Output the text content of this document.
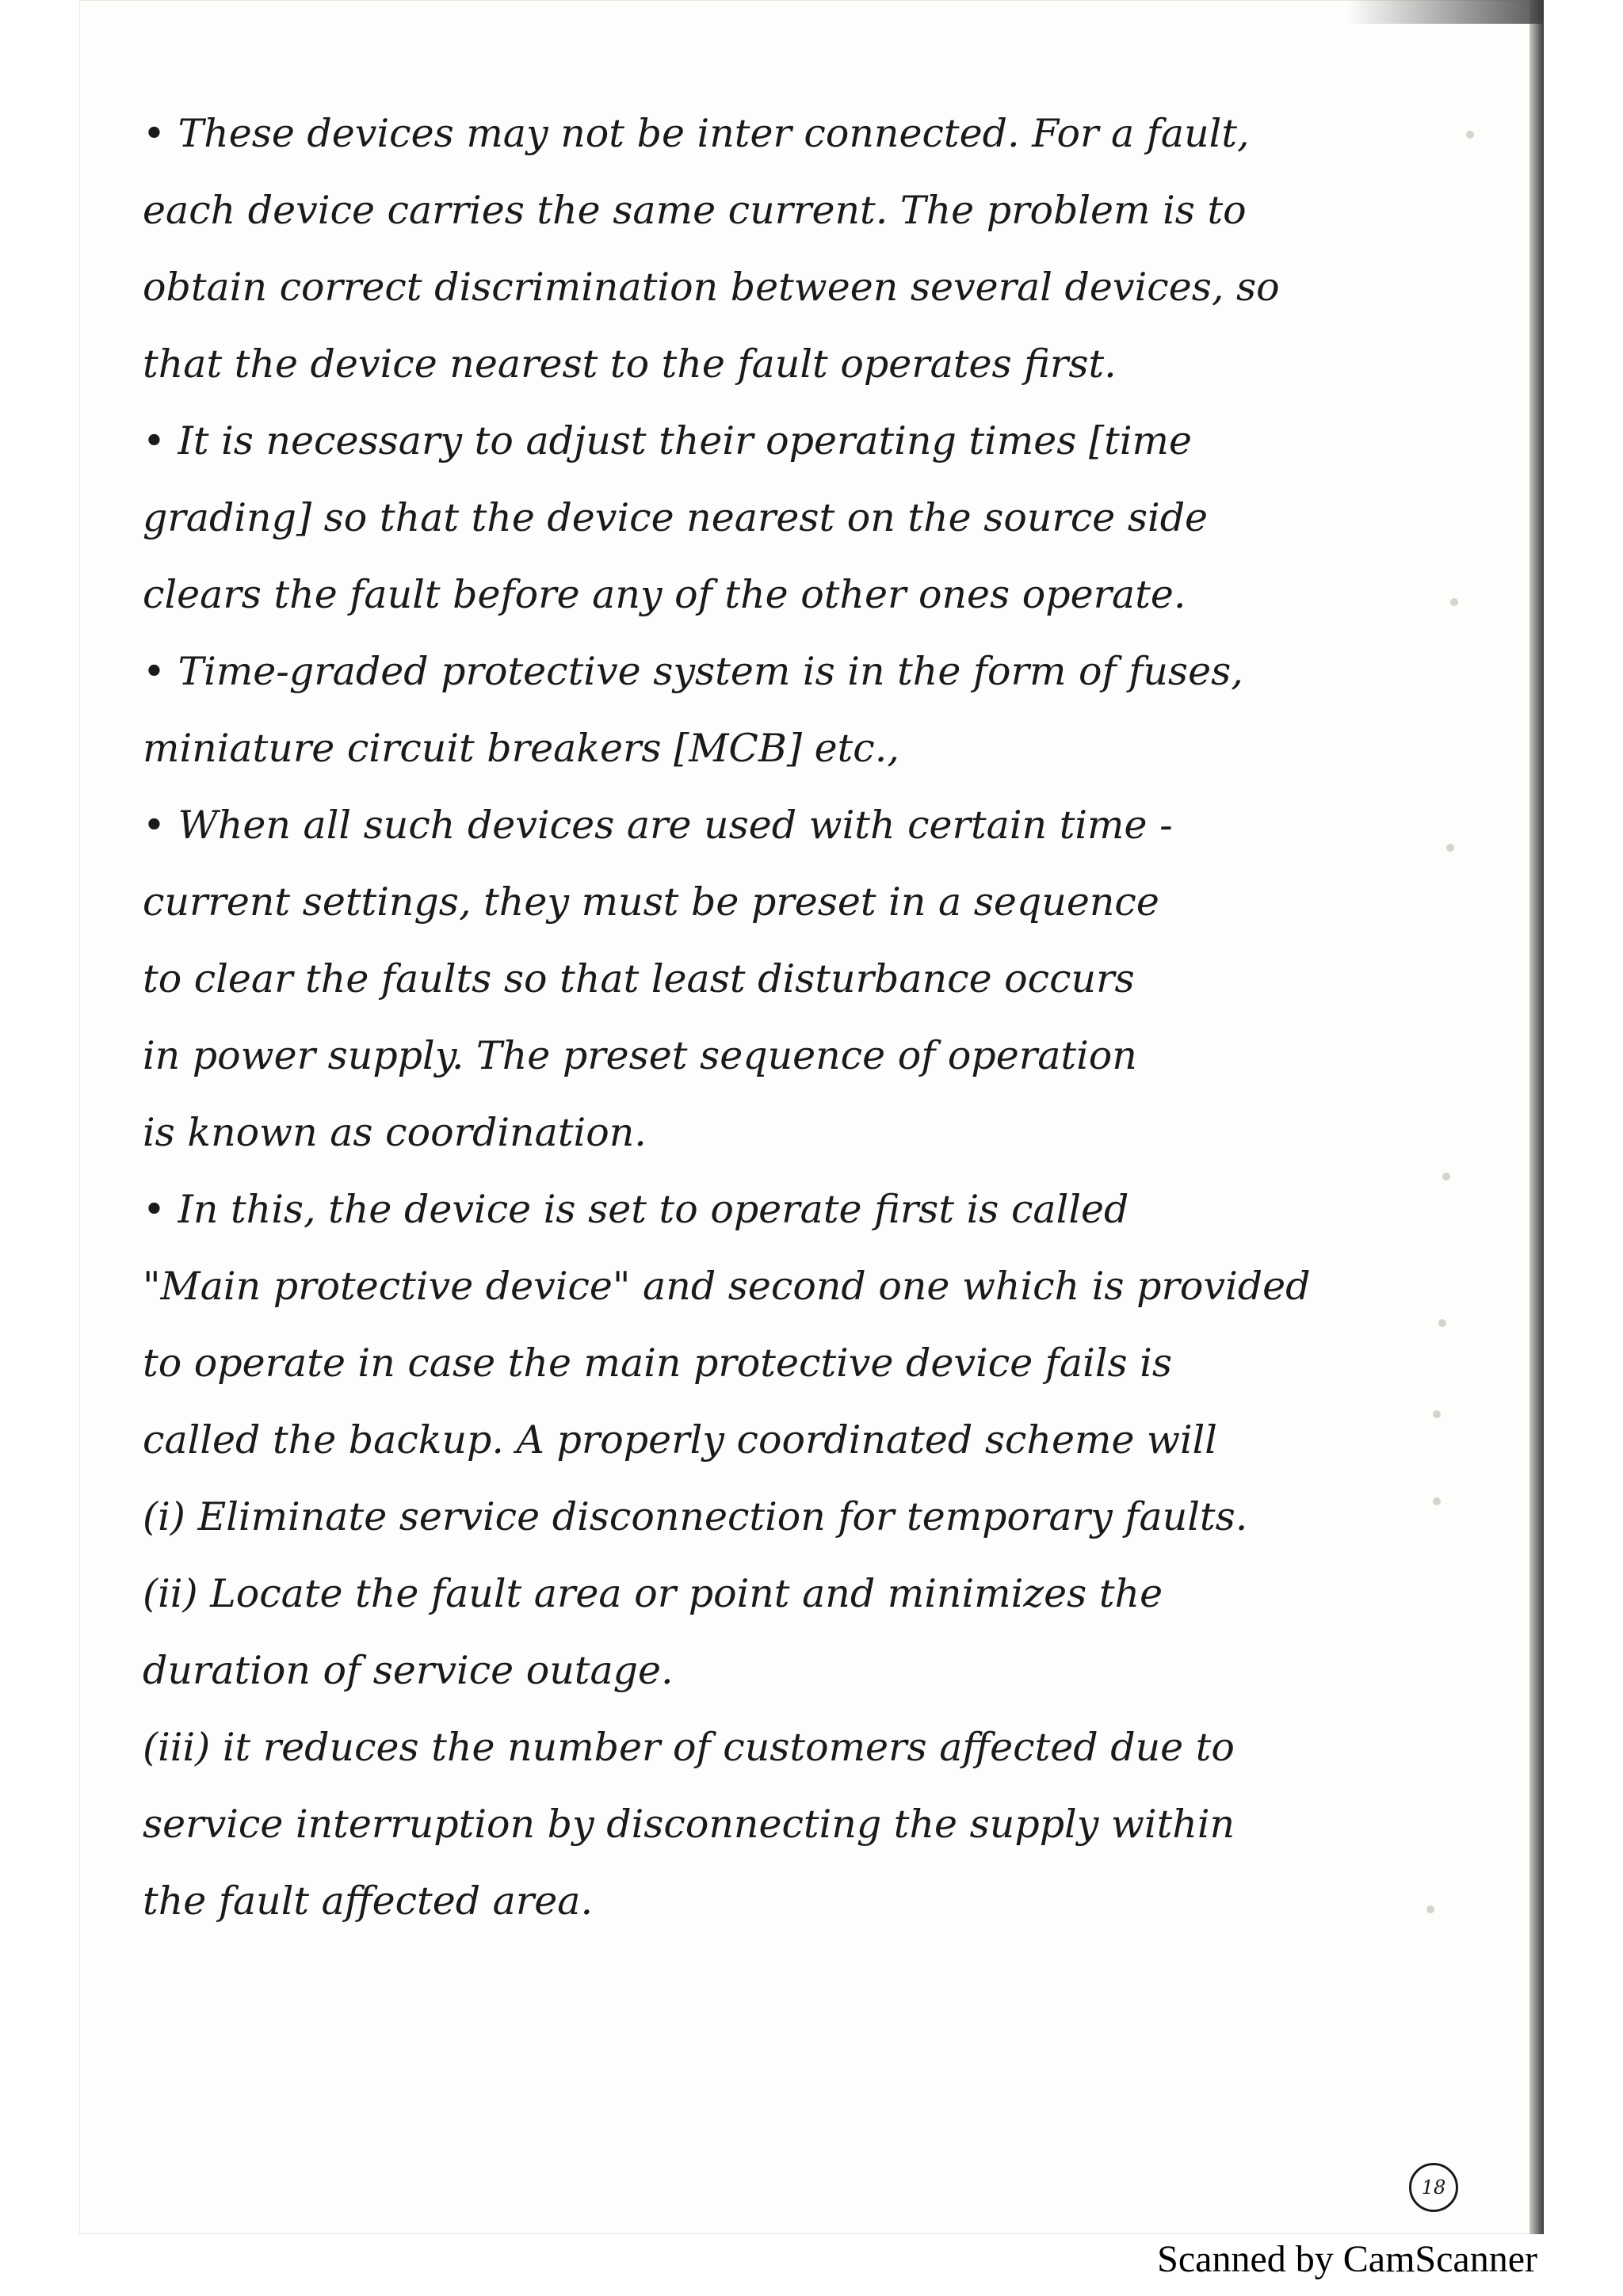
• These devices may not be inter connected. For a fault,
each device carries the same current. The problem is to
obtain correct discrimination between several devices, so
that the device nearest to the fault operates first.
• It is necessary to adjust their operating times [time
grading] so that the device nearest on the source side
clears the fault before any of the other ones operate.
• Time-graded protective system is in the form of fuses,
miniature circuit breakers [MCB] etc.,
• When all such devices are used with certain time -
current settings, they must be preset in a sequence
to clear the faults so that least disturbance occurs
in power supply. The preset sequence of operation
is known as coordination.
• In this, the device is set to operate first is called
"Main protective device" and second one which is provided
to operate in case the main protective device fails is
called the backup. A properly coordinated scheme will
(i) Eliminate service disconnection for temporary faults.
(ii) Locate the fault area or point and minimizes the
duration of service outage.
(iii) it reduces the number of customers affected due to
service interruption by disconnecting the supply within
the fault affected area.
18
Scanned by CamScanner
